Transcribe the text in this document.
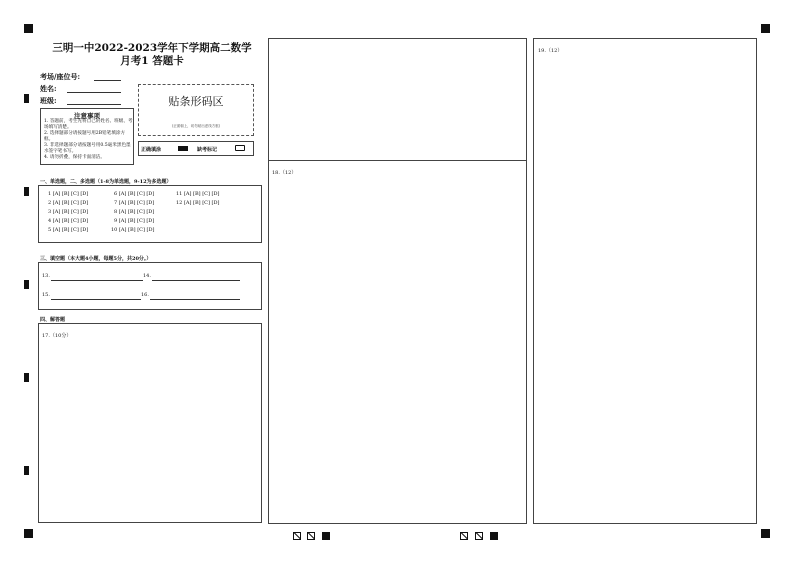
三明一中2022-2023学年下学期高二数学
月考1 答题卡
考场/座位号:
姓名:
班级:
注意事项
1. 答题前，考生先将自己的姓名、班级、考场填写清楚。
2. 选择题部分请按题号用2B铅笔填涂方框。
3. 非选择题部分请按题号用0.5毫米黑色墨水签字笔书写。
4. 请勿折叠，保持卡面清洁。
贴条形码区
(正面朝上，切勿贴出虚线方框)
正确填涂	缺考标记
一、单选题，二、多选题（1-8为单选题，9-12为多选题）
1 [A] [B] [C] [D]
2 [A] [B] [C] [D]
3 [A] [B] [C] [D]
4 [A] [B] [C] [D]
5 [A] [B] [C] [D]
6 [A] [B] [C] [D]
7 [A] [B] [C] [D]
8 [A] [B] [C] [D]
9 [A] [B] [C] [D]
10 [A] [B] [C] [D]
11 [A] [B] [C] [D]
12 [A] [B] [C] [D]
三、填空题（本大题4小题，每题5分，共20分。）
13.	14.
15.	16.
四、解答题
17.（10分）
18.（12）
19.（12）
